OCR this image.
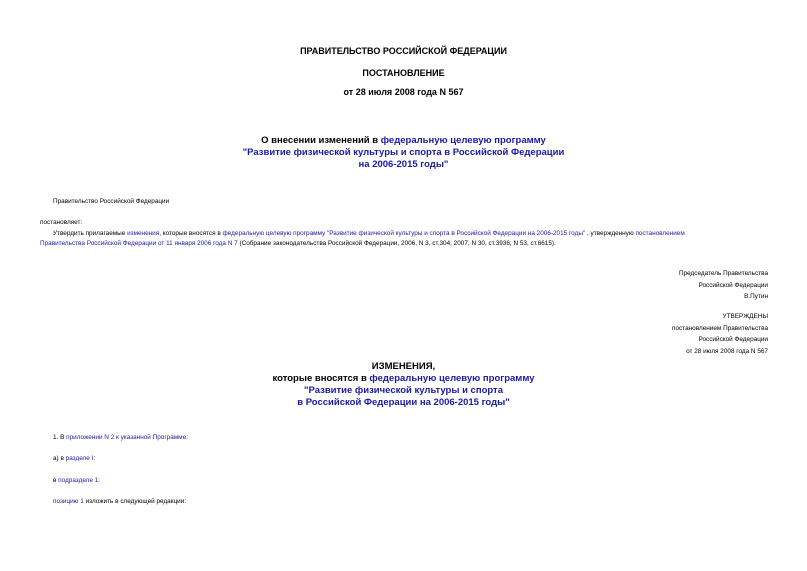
ПРАВИТЕЛЬСТВО РОССИЙСКОЙ ФЕДЕРАЦИИ
ПОСТАНОВЛЕНИЕ
от 28 июля 2008 года N 567
О внесении изменений в федеральную целевую программу
"Развитие физической культуры и спорта в Российской Федерации
на 2006-2015 годы"
Правительство Российской Федерации
постановляет:
Утвердить прилагаемые изменения, которые вносятся в федеральную целевую программу "Развитие физической культуры и спорта в Российской Федерации на 2006-2015 годы" , утвержденную постановлением
Правительства Российской Федерации от 11 января 2006 года N 7 (Собрание законодательства Российской Федерации, 2006, N 3, ст.304; 2007, N 30, ст.3936; N 53, ст.6615).
Председатель Правительства
Российской Федерации
В.Путин
УТВЕРЖДЕНЫ
постановлением Правительства
Российской Федерации
от 28 июля 2008 года N 567
ИЗМЕНЕНИЯ,
которые вносятся в федеральную целевую программу
"Развитие физической культуры и спорта
в Российской Федерации на 2006-2015 годы"
1. В приложении N 2 к указанной Программе:
а) в разделе I:
в подразделе 1:
позицию 1 изложить в следующей редакции:
